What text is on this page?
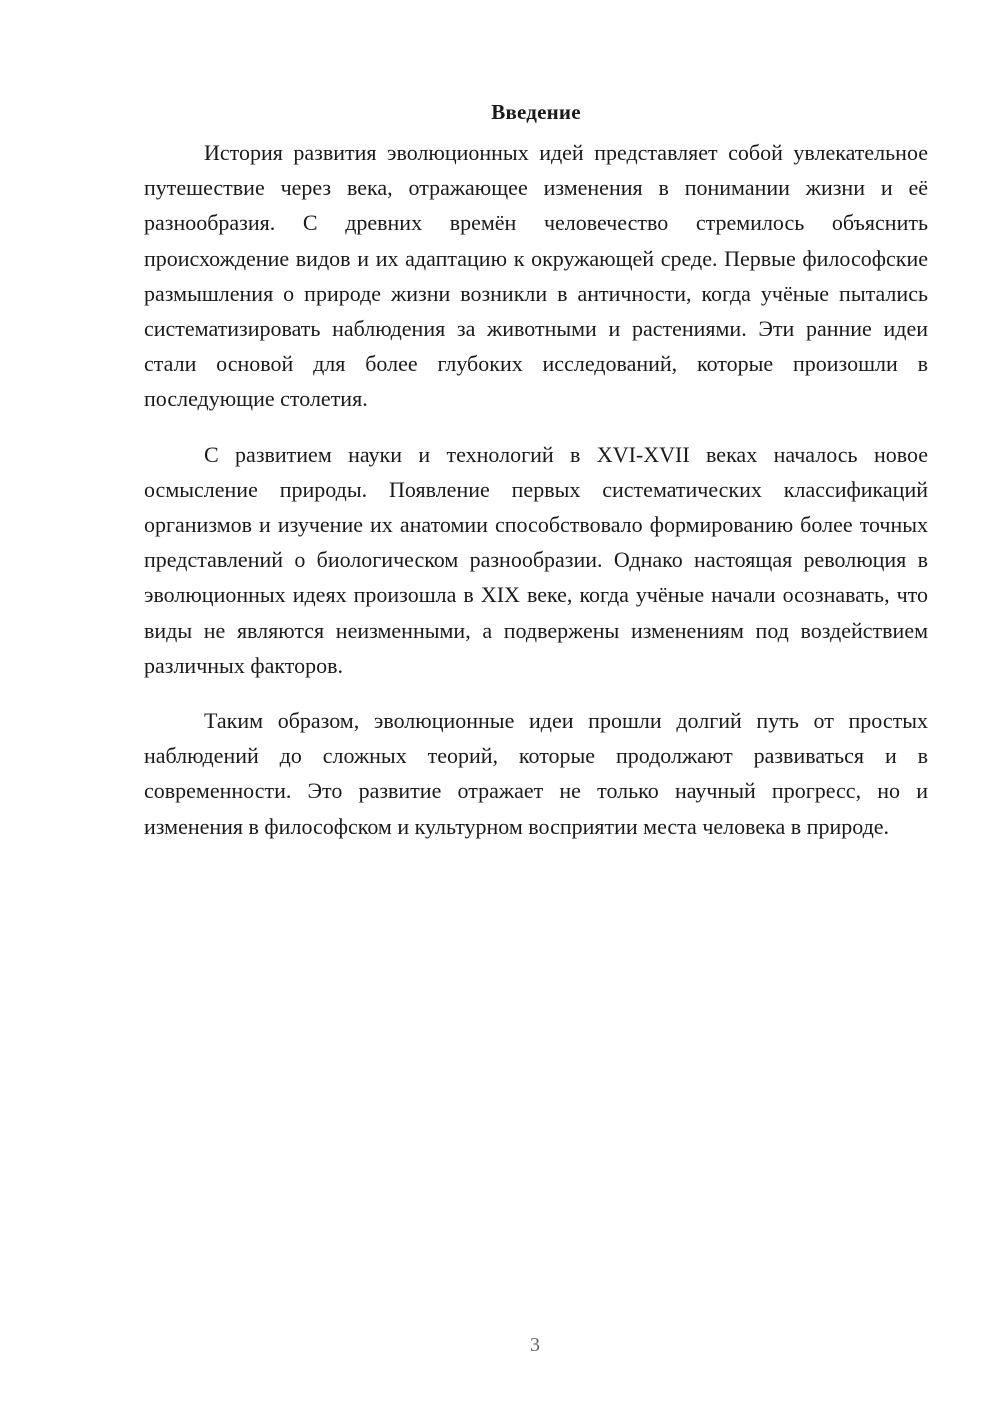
Введение

История развития эволюционных идей представляет собой увлекательное путешествие через века, отражающее изменения в понимании жизни и её разнообразия. С древних времён человечество стремилось объяснить происхождение видов и их адаптацию к окружающей среде. Первые философские размышления о природе жизни возникли в античности, когда учёные пытались систематизировать наблюдения за животными и растениями. Эти ранние идеи стали основой для более глубоких исследований, которые произошли в последующие столетия.

С развитием науки и технологий в XVI-XVII веках началось новое осмысление природы. Появление первых систематических классификаций организмов и изучение их анатомии способствовало формированию более точных представлений о биологическом разнообразии. Однако настоящая революция в эволюционных идеях произошла в XIX веке, когда учёные начали осознавать, что виды не являются неизменными, а подвержены изменениям под воздействием различных факторов.

Таким образом, эволюционные идеи прошли долгий путь от простых наблюдений до сложных теорий, которые продолжают развиваться и в современности. Это развитие отражает не только научный прогресс, но и изменения в философском и культурном восприятии места человека в природе.

3
